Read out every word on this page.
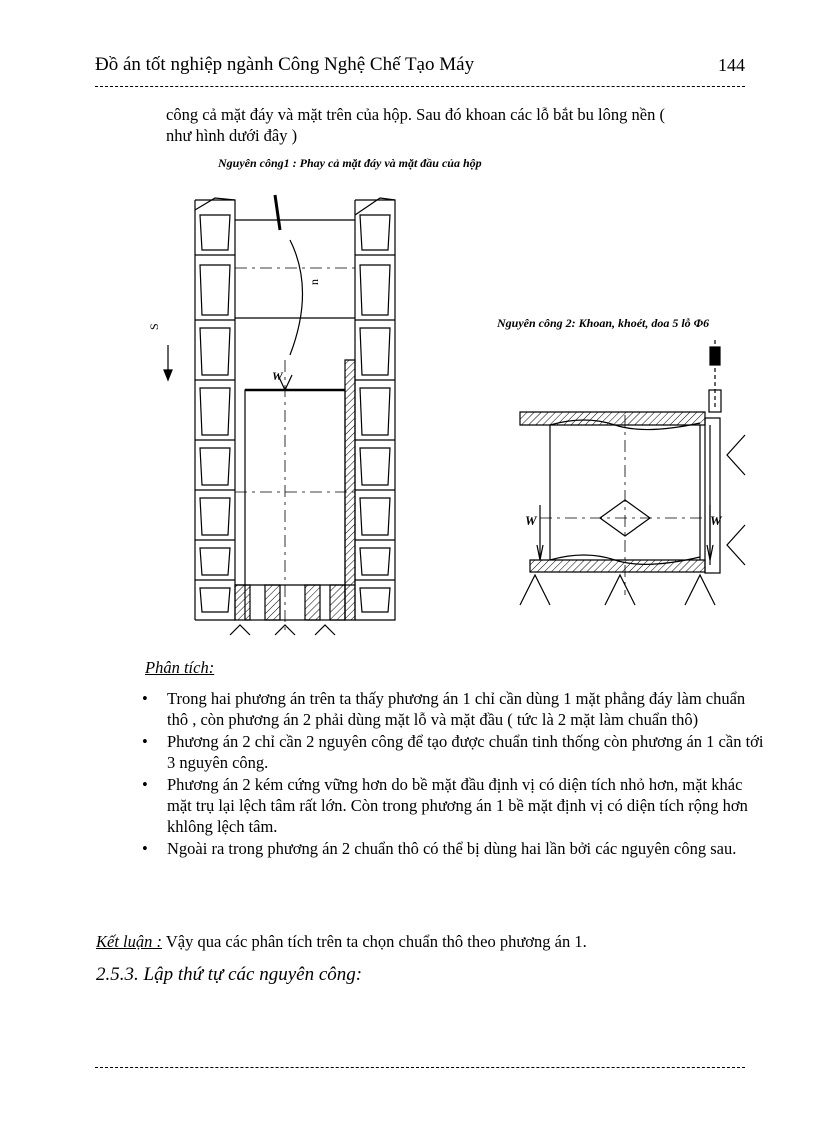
Đồ án tốt nghiệp ngành Công Nghệ Chế Tạo Máy	144
công cả mặt đáy và mặt trên của hộp. Sau đó khoan các lỗ bắt bu lông nền (
như hình dưới đây )
Nguyên công1 : Phay cả mặt đáy và mặt đầu của hộp
S
n
W
Nguyên công 2: Khoan, khoét, doa 5 lỗ Φ6
W	W
Phân tích:
• Trong hai phương án trên ta thấy phương án 1 chỉ cần dùng 1 mặt phẳng đáy làm chuẩn thô , còn phương án 2 phải dùng mặt lỗ và mặt đầu ( tức là 2 mặt làm chuẩn thô)
• Phương án 2 chỉ cần 2 nguyên công để tạo được chuẩn tinh thống còn phương án 1 cần tới 3 nguyên công.
• Phương án 2 kém cứng vững hơn do bề mặt đầu định vị có diện tích nhỏ hơn, mặt khác mặt trụ lại lệch tâm rất lớn. Còn trong phương án 1 bề mặt định vị có diện tích rộng hơn khlông lệch tâm.
• Ngoài ra trong phương án 2 chuẩn thô có thể bị dùng hai lần bởi các nguyên công sau.
Kết luận : Vậy qua các phân tích trên ta chọn chuẩn thô theo phương án 1.
2.5.3. Lập thứ tự các nguyên công:
